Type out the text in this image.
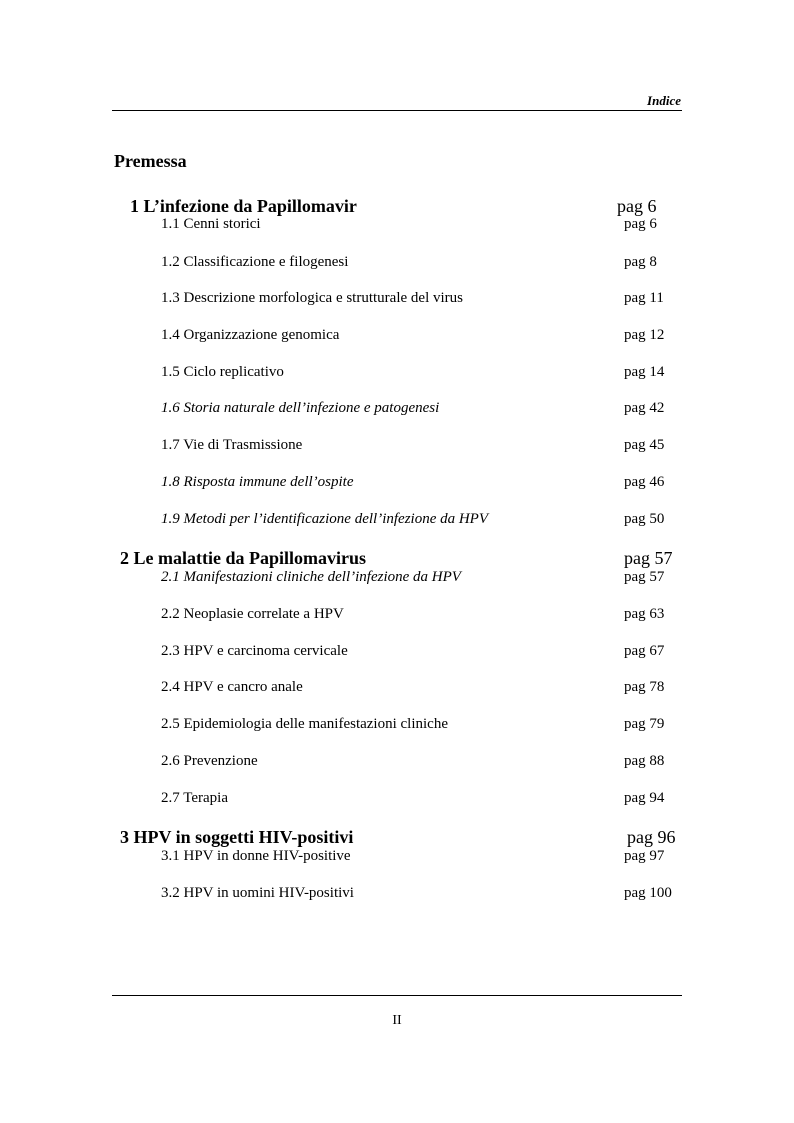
Indice
Premessa
1 L’infezione da Papillomavir	pag 6
1.1 Cenni storici	pag 6
1.2 Classificazione e filogenesi	pag 8
1.3 Descrizione morfologica e strutturale del virus	pag 11
1.4 Organizzazione genomica	pag 12
1.5 Ciclo replicativo	pag 14
1.6 Storia naturale dell’infezione e patogenesi	pag 42
1.7 Vie di Trasmissione	pag 45
1.8 Risposta immune dell’ospite	pag 46
1.9 Metodi per l’identificazione dell’infezione da HPV	pag 50
2 Le malattie da Papillomavirus	pag 57
2.1 Manifestazioni cliniche dell’infezione da HPV	pag 57
2.2 Neoplasie correlate a HPV	pag 63
2.3 HPV e carcinoma cervicale	pag 67
2.4 HPV e cancro anale	pag 78
2.5 Epidemiologia delle manifestazioni cliniche	pag 79
2.6 Prevenzione	pag 88
2.7 Terapia	pag 94
3 HPV in soggetti HIV-positivi	pag 96
3.1 HPV in donne HIV-positive	pag 97
3.2 HPV in uomini HIV-positivi	pag 100
II
